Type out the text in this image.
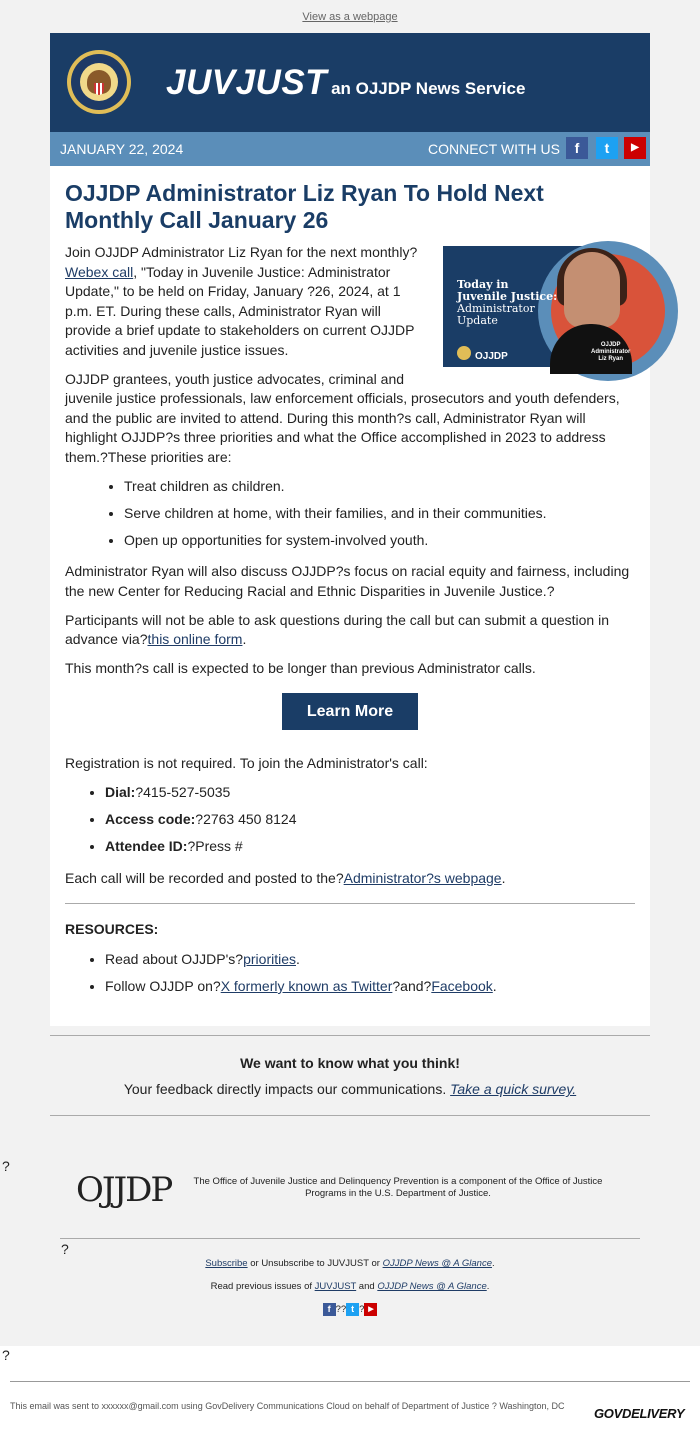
View as a webpage
JUVJUST an OJJDP News Service
JANUARY 22, 2024	CONNECT WITH US	f	t	▶
OJJDP Administrator Liz Ryan To Hold Next Monthly Call January 26
Today in
Juvenile Justice:
Administrator
Update
OJJDP
OJJDP
Administrator
Liz Ryan

Join OJJDP Administrator Liz Ryan for the next monthly?
Webex call, "Today in Juvenile Justice: Administrator Update," to be held on Friday, January ?26, 2024, at 1 p.m. ET. During these calls, Administrator Ryan will provide a brief update to stakeholders on current OJJDP activities and juvenile justice issues.

OJJDP grantees, youth justice advocates, criminal and juvenile justice professionals, law enforcement officials, prosecutors and youth defenders, and the public are invited to attend. During this month?s call, Administrator Ryan will highlight OJJDP?s three priorities and what the Office accomplished in 2023 to address them.?These priorities are:

• Treat children as children.
• Serve children at home, with their families, and in their communities.
• Open up opportunities for system-involved youth.

Administrator Ryan will also discuss OJJDP?s focus on racial equity and fairness, including the new Center for Reducing Racial and Ethnic Disparities in Juvenile Justice.?

Participants will not be able to ask questions during the call but can submit a question in advance via?this online form.

This month?s call is expected to be longer than previous Administrator calls.

Learn More

Registration is not required. To join the Administrator's call:

• Dial:?415-527-5035
• Access code:?2763 450 8124
• Attendee ID:?Press #

Each call will be recorded and posted to the?Administrator?s webpage.

RESOURCES:
• Read about OJJDP's?priorities.
• Follow OJJDP on?X formerly known as Twitter?and?Facebook.
We want to know what you think!
Your feedback directly impacts our communications. Take a quick survey.
?
OJJDP	The Office of Juvenile Justice and Delinquency Prevention is a component of the Office of Justice Programs in the U.S. Department of Justice.
?
Subscribe or Unsubscribe to JUVJUST or OJJDP News @ A Glance.
Read previous issues of JUVJUST and OJJDP News @ A Glance.
f ?? t ? ▶
?
This email was sent to xxxxxx@gmail.com using GovDelivery Communications Cloud on behalf of Department of Justice ? Washington, DC	GOVDELIVERY
